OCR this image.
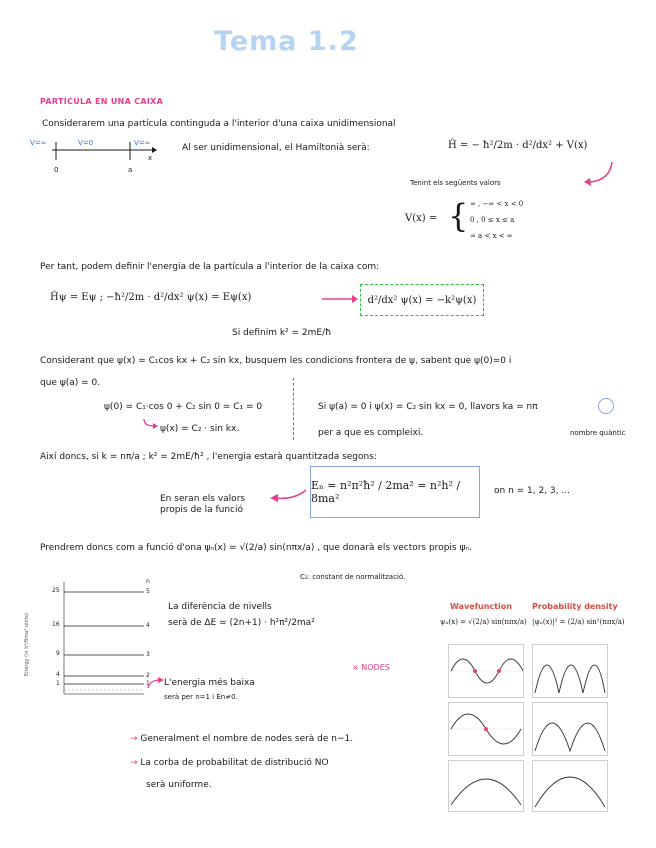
Tema 1.2
PARTÍCULA EN UNA CAIXA
Considerarem una partícula continguda a l'interior d'una caixa unidimensional
V=∞	V=0	V=∞
x
0	a
Al ser unidimensional, el Hamiltonià serà:	Ĥ = − ħ²/2m · d²/dx² + V(x)
Tenint els següents valors
V(x) = { ∞ , −∞ < x < 0
0 , 0 ≤ x ≤ a
∞ a < x < ∞
Per tant, podem definir l'energia de la partícula a l'interior de la caixa com:
Ĥψ = Eψ ; −ħ²/2m · d²/dx² ψ(x) = Eψ(x)	d²/dx² ψ(x) = −k²ψ(x)
Si definim k² = 2mE/ħ
Considerant que ψ(x) = C₁cos kx + C₂ sin kx, busquem les condicions frontera de ψ, sabent que ψ(0)=0 i
que ψ(a) = 0.
ψ(0) = C₁·cos 0 + C₂ sin 0 = C₁ = 0
ψ(x) = C₂ · sin kx.
Si ψ(a) = 0 i ψ(x) = C₂ sin kx = 0, llavors ka = nπ
per a que es compleixi.	nombre quàntic
Així doncs, si k = nπ/a ; k² = 2mE/ħ² , l'energia estarà quantitzada segons:
En seran els valors propis de la funció
Eₙ = n²π²ħ² / 2ma² = n²h² / 8ma²
on n = 1, 2, 3, ...
Prendrem doncs com a funció d'ona ψₙ(x) = √(2/a) sin(nπx/a) , que donarà els vectors propis ψₙ.
C₂: constant de normalització.
Energy (in h²/8ma² units)
25
16
9
4
1
n
5
4
3
2
1
La diferència de nivells
serà de ΔE = (2n+1) · h²π²/2ma²
L'energia més baixa
serà per n=1 i En≠0.
× NODES
→ Generalment el nombre de nodes serà de n−1.
→ La corba de probabilitat de distribució NO
serà uniforme.
Wavefunction	Probability density
ψₙ(x) = √(2/a) sin(nπx/a) |ψₙ(x)|² = (2/a) sin²(nπx/a)
